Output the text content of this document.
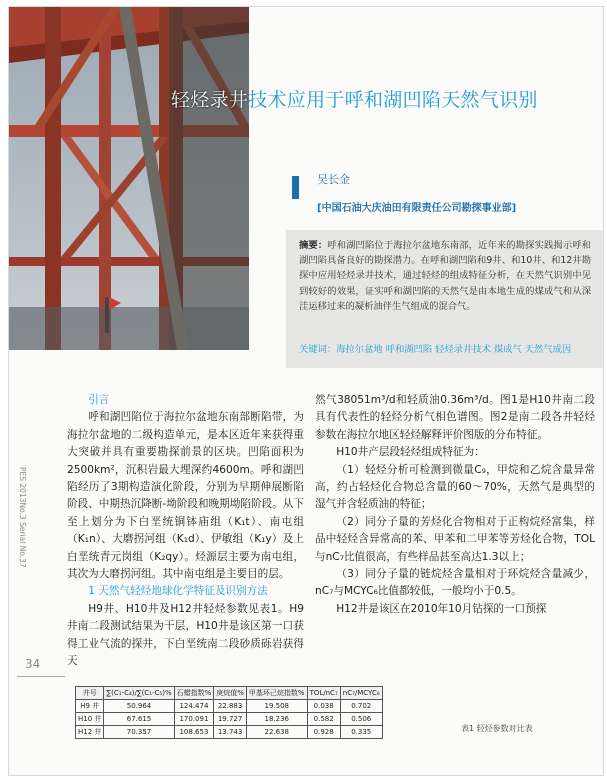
轻烃录井技术应用于呼和湖凹陷天然气识别
吴长金
[中国石油大庆油田有限责任公司勘探事业部]
摘要：呼和湖凹陷位于海拉尔盆地东南部，近年来的勘探实践揭示呼和湖凹陷具备良好的勘探潜力。在呼和湖凹陷和9井、和10井、和12井勘探中应用轻烃录井技术，通过轻烃的组成特征分析，在天然气识别中见到较好的效果，证实呼和湖凹陷的天然气是由本地生成的煤成气和从深洼运移过来的凝析油伴生气组成的混合气。
关键词：海拉尔盆地 呼和湖凹陷 轻烃录井技术 煤成气 天然气成因
PES 2013No.3 Serial No.37
34

引言

呼和湖凹陷位于海拉尔盆地东南部断陷带，为海拉尔盆地的二级构造单元，是本区近年来获得重大突破并具有重要勘探前景的区块。凹陷面积为2500km²，沉积岩最大埋深约4600m。呼和湖凹陷经历了3期构造演化阶段，分别为早期伸展断陷阶段、中期热沉降断-坳阶段和晚期坳陷阶段。从下至上划分为下白垩统铜钵庙组（K₁t）、南屯组（K₁n）、大磨拐河组（K₁d）、伊敏组（K₁y）及上白垩统青元岗组（K₂qy）。烃源层主要为南屯组，其次为大磨拐河组。其中南屯组是主要目的层。

1 天然气轻烃地球化学特征及识别方法

H9井、H10井及H12井轻烃参数见表1。H9井南二段测试结果为干层，H10井是该区第一口获得工业气流的探井，下白垩统南二段砂质砾岩获得天

然气38051m³/d和轻质油0.36m³/d。图1是H10井南二段具有代表性的轻烃分析气相色谱图。图2是南二段各井轻烃参数在海拉尔地区轻烃解释评价图版的分布特征。

H10井产层段轻烃组成特征为：

（1）轻烃分析可检测到微量C₉，甲烷和乙烷含量异常高，约占轻烃化合物总含量的60～70%，天然气是典型的湿气并含轻质油的特征；

（2）同分子量的芳烃化合物相对于正构烷烃富集，样品中轻烃含异常高的苯、甲苯和二甲苯等芳烃化合物，TOL与nC₇比值很高，有些样品甚至高达1.3以上；

（3）同分子量的链烷烃含量相对于环烷烃含量减少，nC₇与MCYC₆比值都较低，一般均小于0.5。

H12井是该区在2010年10月钻探的一口预探

井号	∑(C₁-C₄)/∑(C₁-C₅)%	石蜡指数%	庚烷值%	甲基环己烷指数%	TOL/nC₇	nC₇/MCYC₆
H9 井	50.964	124.474	22.883	19.508	0.038	0.702
H10 井	67.615	170.091	19.727	18.236	0.582	0.506
H12 井	70.357	108.653	13.743	22.638	0.928	0.335	表1 轻烃参数对比表
